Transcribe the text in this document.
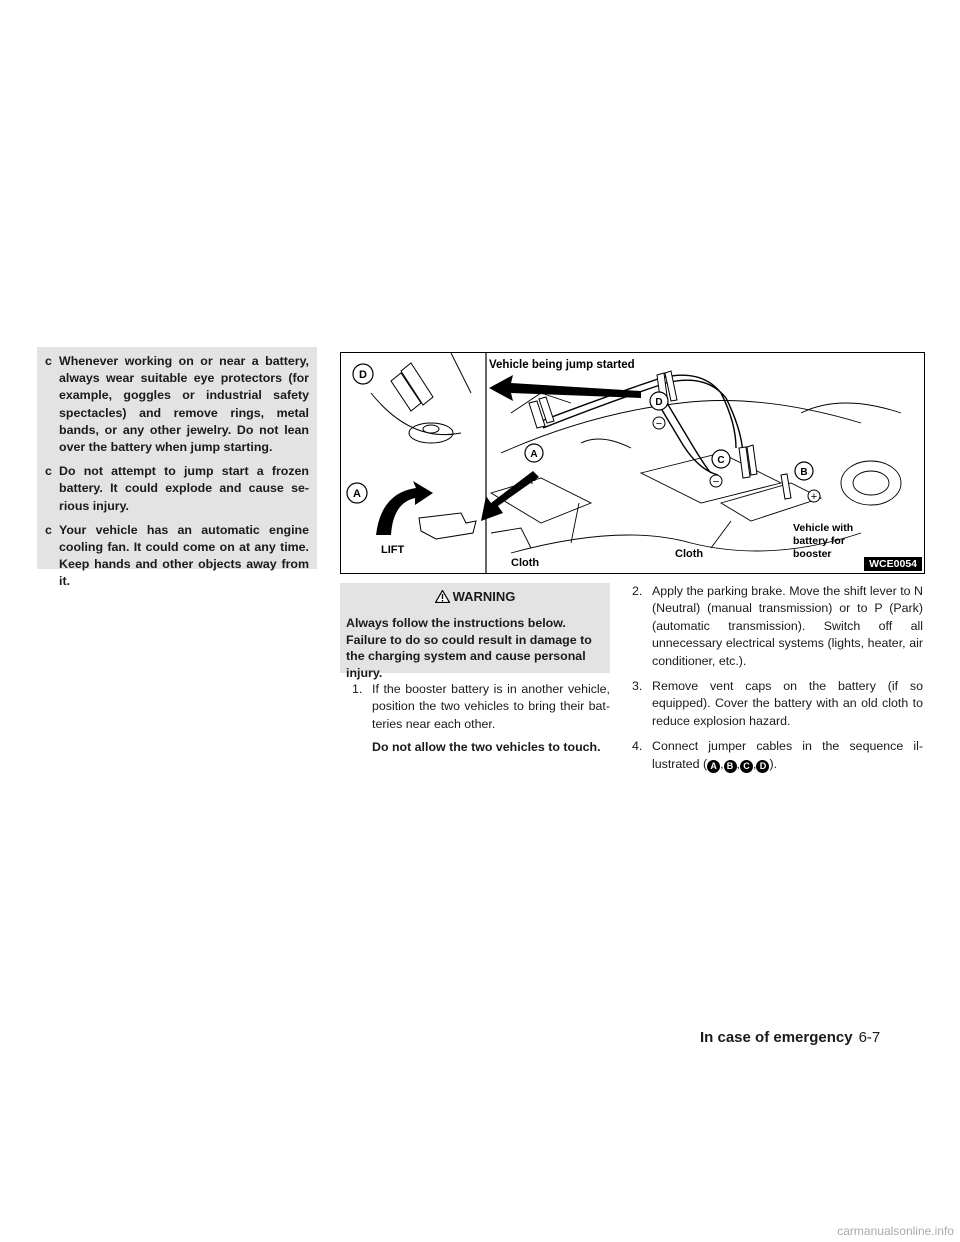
c Whenever working on or near a battery, always wear suitable eye protectors (for example, goggles or industrial safety spectacles) and remove rings, metal bands, or any other jewelry. Do not lean over the battery when jump starting.
c Do not attempt to jump start a frozen battery. It could explode and cause se-rious injury.
c Your vehicle has an automatic engine cooling fan. It could come on at any time. Keep hands and other objects away from it.
D
A
LIFT
Vehicle being jump started
A
+
D
−
C
−
B
+
Vehicle with
battery for
booster
Cloth
Cloth
WCE0054
WARNING
Always follow the instructions below. Failure to do so could result in damage to the charging system and cause personal injury.
1. If the booster battery is in another vehicle, position the two vehicles to bring their bat-teries near each other.
Do not allow the two vehicles to touch.
2. Apply the parking brake. Move the shift lever to N (Neutral) (manual transmission) or to P (Park) (automatic transmission). Switch off all unnecessary electrical systems (lights, heater, air conditioner, etc.).
3. Remove vent caps on the battery (if so equipped). Cover the battery with an old cloth to reduce explosion hazard.
4. Connect jumper cables in the sequence il-lustrated ( A , B , C , D ).
In case of emergency 6-7
carmanualsonline.info
